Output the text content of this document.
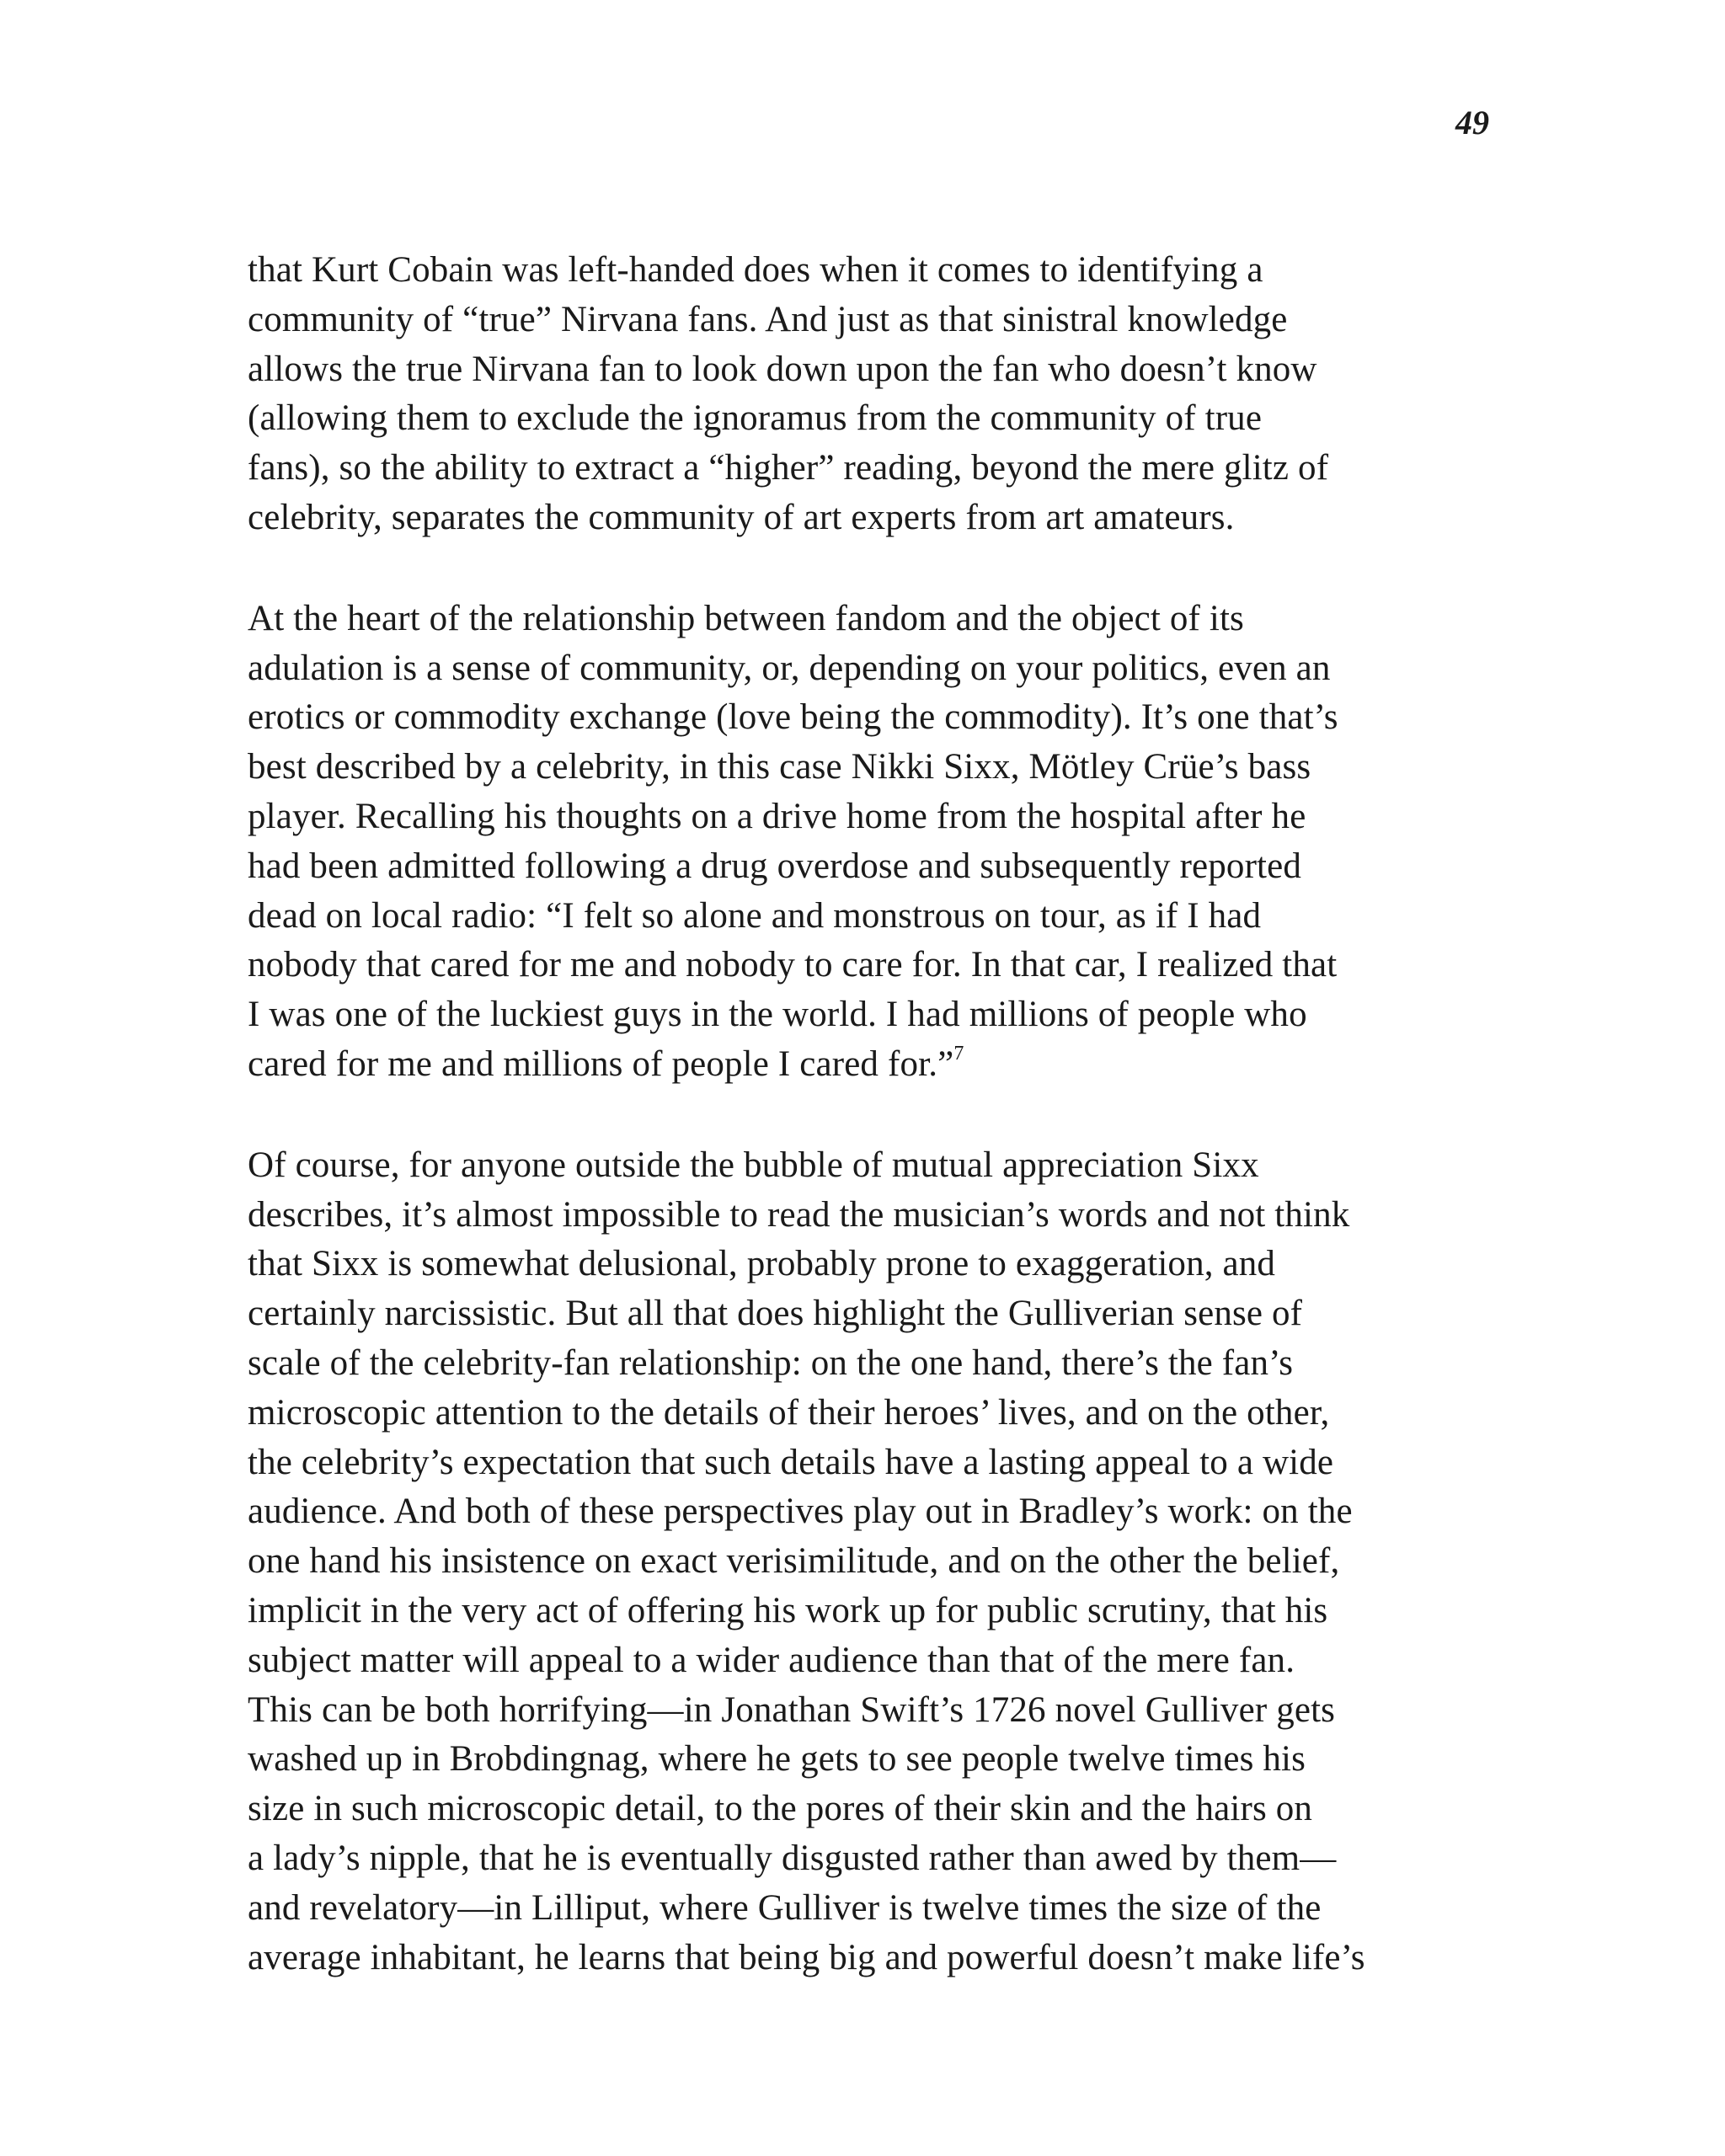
49
that Kurt Cobain was left-handed does when it comes to identifying a
community of “true” Nirvana fans. And just as that sinistral knowledge
allows the true Nirvana fan to look down upon the fan who doesn’t know
(allowing them to exclude the ignoramus from the community of true
fans), so the ability to extract a “higher” reading, beyond the mere glitz of
celebrity, separates the community of art experts from art amateurs.
At the heart of the relationship between fandom and the object of its
adulation is a sense of community, or, depending on your politics, even an
erotics or commodity exchange (love being the commodity). It’s one that’s
best described by a celebrity, in this case Nikki Sixx, Mötley Crüe’s bass
player. Recalling his thoughts on a drive home from the hospital after he
had been admitted following a drug overdose and subsequently reported
dead on local radio: “I felt so alone and monstrous on tour, as if I had
nobody that cared for me and nobody to care for. In that car, I realized that
I was one of the luckiest guys in the world. I had millions of people who
cared for me and millions of people I cared for.”$^7$
Of course, for anyone outside the bubble of mutual appreciation Sixx
describes, it’s almost impossible to read the musician’s words and not think
that Sixx is somewhat delusional, probably prone to exaggeration, and
certainly narcissistic. But all that does highlight the Gulliverian sense of
scale of the celebrity-fan relationship: on the one hand, there’s the fan’s
microscopic attention to the details of their heroes’ lives, and on the other,
the celebrity’s expectation that such details have a lasting appeal to a wide
audience. And both of these perspectives play out in Bradley’s work: on the
one hand his insistence on exact verisimilitude, and on the other the belief,
implicit in the very act of offering his work up for public scrutiny, that his
subject matter will appeal to a wider audience than that of the mere fan.
This can be both horrifying—in Jonathan Swift’s 1726 novel Gulliver gets
washed up in Brobdingnag, where he gets to see people twelve times his
size in such microscopic detail, to the pores of their skin and the hairs on
a lady’s nipple, that he is eventually disgusted rather than awed by them—
and revelatory—in Lilliput, where Gulliver is twelve times the size of the
average inhabitant, he learns that being big and powerful doesn’t make life’s
